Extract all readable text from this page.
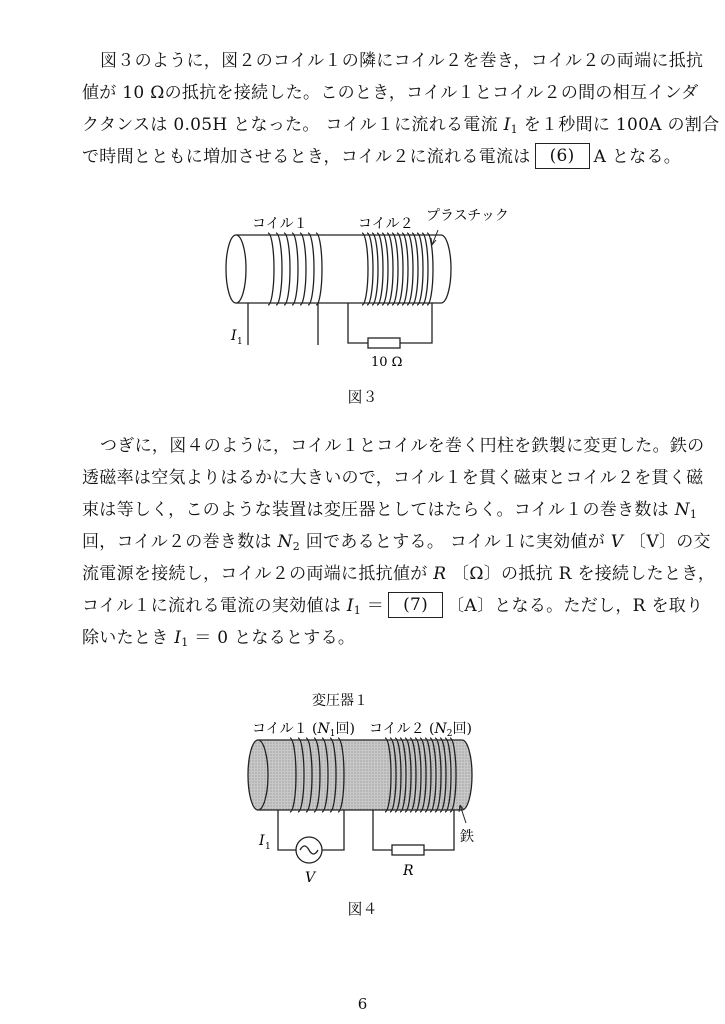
図３のように，図２のコイル１の隣にコイル２を巻き，コイル２の両端に抵抗
値が 10 Ωの抵抗を接続した。このとき，コイル１とコイル２の間の相互インダ
クタンスは 0.05H となった。 コイル１に流れる電流 $I_1$ を１秒間に 100A の割合
で時間とともに増加させるとき，コイル２に流れる電流は (6) A となる。
コイル１	コイル２ プラスチック
I 1
10 Ω
図３
つぎに，図４のように，コイル１とコイルを巻く円柱を鉄製に変更した。鉄の
透磁率は空気よりはるかに大きいので，コイル１を貫く磁束とコイル２を貫く磁
束は等しく，このような装置は変圧器としてはたらく。コイル１の巻き数は $N_1$
回，コイル２の巻き数は $N_2$ 回であるとする。 コイル１に実効値が V 〔V〕の交
流電源を接続し，コイル２の両端に抵抗値が R 〔Ω〕の抵抗 R を接続したとき，
コイル１に流れる電流の実効値は $I_1 = (7)$ 〔A〕となる。ただし，R を取り
除いたとき $I_1 = 0$ となるとする。
変圧器１
コイル１ ($N_1$回) コイル２ ($N_2$回)
鉄
I 1
V	R
図４
6
